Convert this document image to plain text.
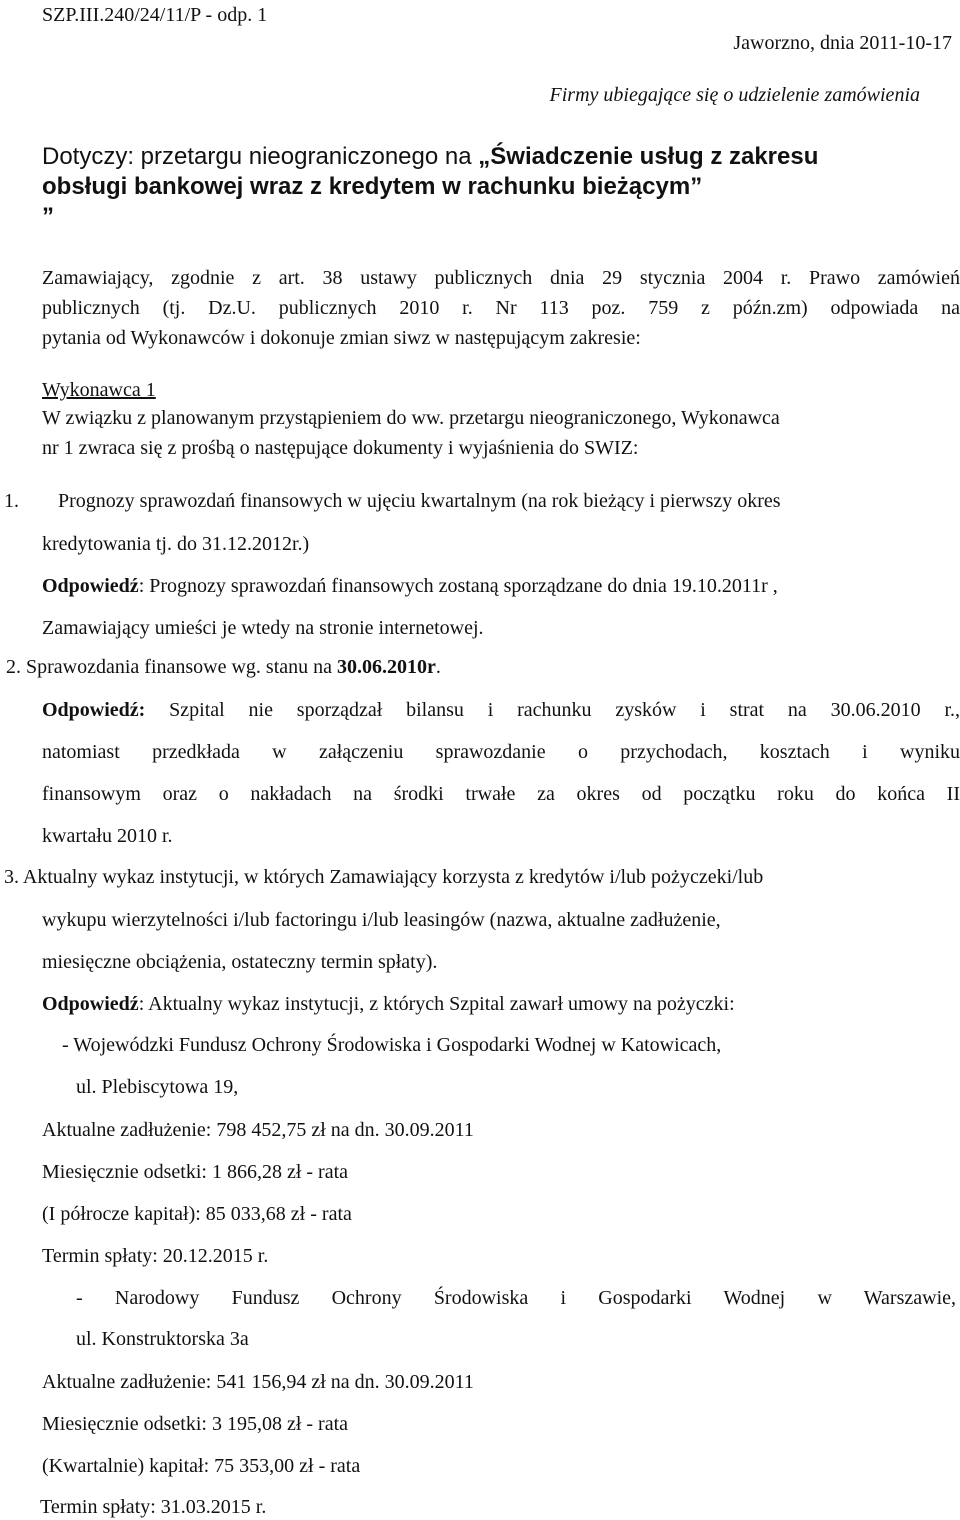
SZP.III.240/24/11/P - odp. 1
Jaworzno, dnia 2011-10-17
Firmy ubiegające się o udzielenie zamówienia
Dotyczy: przetargu nieograniczonego na „Świadczenie usług z zakresu
obsługi bankowej wraz z kredytem w rachunku bieżącym”
”
Zamawiający, zgodnie z art. 38 ustawy publicznych dnia 29 stycznia 2004 r. Prawo zamówień
publicznych (tj. Dz.U. publicznych 2010 r. Nr 113 poz. 759 z późn.zm) odpowiada na
pytania od Wykonawców i dokonuje zmian siwz w następującym zakresie:
Wykonawca 1
W związku z planowanym przystąpieniem do ww. przetargu nieograniczonego, Wykonawca
nr 1 zwraca się z prośbą o następujące dokumenty i wyjaśnienia do SWIZ:
1. Prognozy sprawozdań finansowych w ujęciu kwartalnym (na rok bieżący i pierwszy okres
kredytowania tj. do 31.12.2012r.)
Odpowiedź: Prognozy sprawozdań finansowych zostaną sporządzane do dnia 19.10.2011r ,
Zamawiający umieści je wtedy na stronie internetowej.
2. Sprawozdania finansowe wg. stanu na 30.06.2010r.
Odpowiedź: Szpital nie sporządzał bilansu i rachunku zysków i strat na 30.06.2010 r.,
natomiast przedkłada w załączeniu sprawozdanie o przychodach, kosztach i wyniku
finansowym oraz o nakładach na środki trwałe za okres od początku roku do końca II
kwartału 2010 r.
3. Aktualny wykaz instytucji, w których Zamawiający korzysta z kredytów i/lub pożyczeki/lub
wykupu wierzytelności i/lub factoringu i/lub leasingów (nazwa, aktualne zadłużenie,
miesięczne obciążenia, ostateczny termin spłaty).
Odpowiedź: Aktualny wykaz instytucji, z których Szpital zawarł umowy na pożyczki:
- Wojewódzki Fundusz Ochrony Środowiska i Gospodarki Wodnej w Katowicach,
ul. Plebiscytowa 19,
Aktualne zadłużenie: 798 452,75 zł na dn. 30.09.2011
Miesięcznie odsetki: 1 866,28 zł - rata
(I półrocze kapitał): 85 033,68 zł - rata
Termin spłaty: 20.12.2015 r.
- Narodowy Fundusz Ochrony Środowiska i Gospodarki Wodnej w Warszawie,
ul. Konstruktorska 3a
Aktualne zadłużenie: 541 156,94 zł na dn. 30.09.2011
Miesięcznie odsetki: 3 195,08 zł - rata
(Kwartalnie) kapitał: 75 353,00 zł - rata
Termin spłaty: 31.03.2015 r.
